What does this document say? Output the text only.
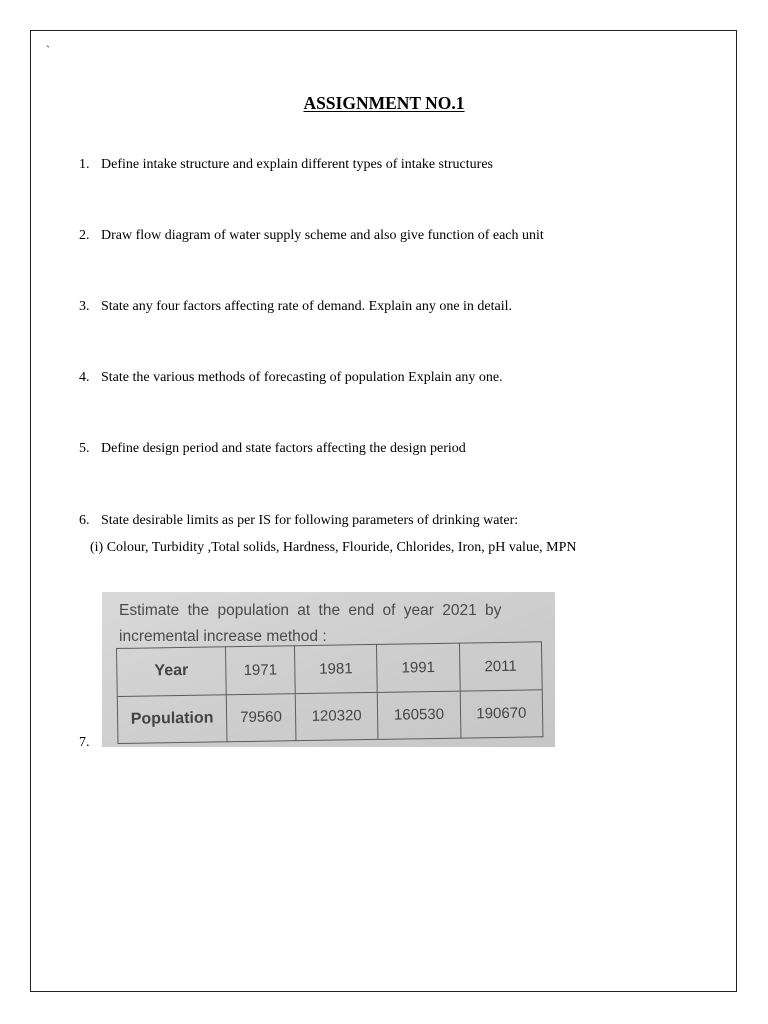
`
ASSIGNMENT NO.1
1. Define intake structure and explain different types of intake structures
2. Draw flow diagram of water supply scheme and also give function of each unit
3. State any four factors affecting rate of demand. Explain any one in detail.
4. State the various methods of forecasting of population Explain any one.
5. Define design period and state factors affecting the design period
6. State desirable limits as per IS for following parameters of drinking water:
(i) Colour, Turbidity ,Total solids, Hardness, Flouride, Chlorides, Iron, pH value, MPN
Estimate the population at the end of year 2021 by
incremental increase method :
Year	1971	1981	1991	2011
Population	79560	120320	160530	190670
7.
